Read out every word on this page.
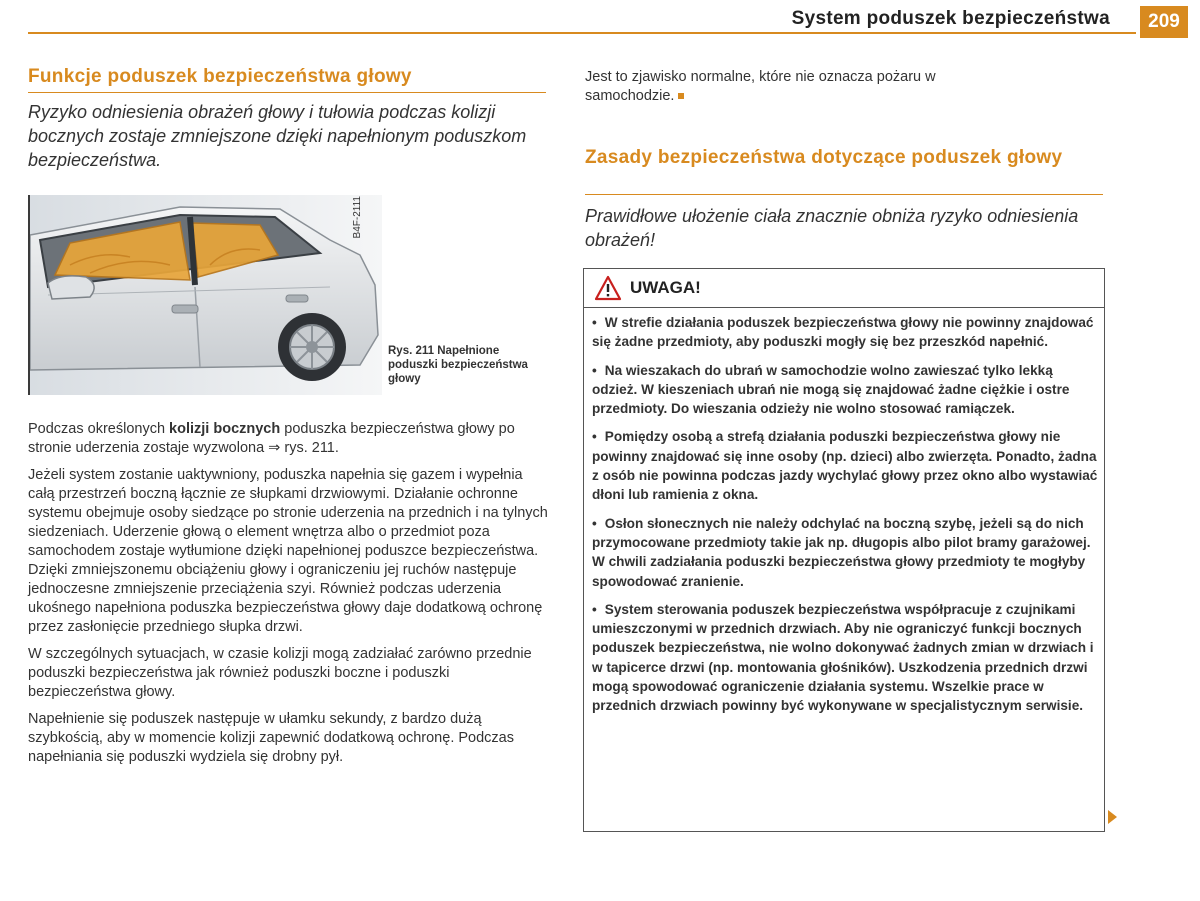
System poduszek bezpieczeństwa	209
Funkcje poduszek bezpieczeństwa głowy
Ryzyko odniesienia obrażeń głowy i tułowia podczas kolizji bocznych zostaje zmniejszone dzięki napełnionym poduszkom bezpieczeństwa.
B4F-2111
Rys. 211 Napełnione poduszki bezpieczeństwa głowy

Podczas określonych kolizji bocznych poduszka bezpieczeństwa głowy po stronie uderzenia zostaje wyzwolona ⇒ rys. 211.

Jeżeli system zostanie uaktywniony, poduszka napełnia się gazem i wypełnia całą przestrzeń boczną łącznie ze słupkami drzwiowymi. Działanie ochronne systemu obejmuje osoby siedzące po stronie uderzenia na przednich i na tylnych siedzeniach. Uderzenie głową o element wnętrza albo o przedmiot poza samochodem zostaje wytłumione dzięki napełnionej poduszce bezpieczeństwa. Dzięki zmniejszonemu obciążeniu głowy i ograniczeniu jej ruchów następuje jednoczesne zmniejszenie przeciążenia szyi. Również podczas uderzenia ukośnego napełniona poduszka bezpieczeństwa głowy daje dodatkową ochronę przez zasłonięcie przedniego słupka drzwi.

W szczególnych sytuacjach, w czasie kolizji mogą zadziałać zarówno przednie poduszki bezpieczeństwa jak również poduszki boczne i poduszki bezpieczeństwa głowy.

Napełnienie się poduszek następuje w ułamku sekundy, z bardzo dużą szybkością, aby w momencie kolizji zapewnić dodatkową ochronę. Podczas napełniania się poduszki wydziela się drobny pył.

Jest to zjawisko normalne, które nie oznacza pożaru w samochodzie.
Zasady bezpieczeństwa dotyczące poduszek głowy
Prawidłowe ułożenie ciała znacznie obniża ryzyko odniesienia obrażeń!
UWAGA!
• W strefie działania poduszek bezpieczeństwa głowy nie powinny znajdować się żadne przedmioty, aby poduszki mogły się bez przeszkód napełnić.
• Na wieszakach do ubrań w samochodzie wolno zawieszać tylko lekką odzież. W kieszeniach ubrań nie mogą się znajdować żadne ciężkie i ostre przedmioty. Do wieszania odzieży nie wolno stosować ramiączek.
• Pomiędzy osobą a strefą działania poduszki bezpieczeństwa głowy nie powinny znajdować się inne osoby (np. dzieci) albo zwierzęta. Ponadto, żadna z osób nie powinna podczas jazdy wychylać głowy przez okno albo wystawiać dłoni lub ramienia z okna.
• Osłon słonecznych nie należy odchylać na boczną szybę, jeżeli są do nich przymocowane przedmioty takie jak np. długopis albo pilot bramy garażowej. W chwili zadziałania poduszki bezpieczeństwa głowy przedmioty te mogłyby spowodować zranienie.
• System sterowania poduszek bezpieczeństwa współpracuje z czujnikami umieszczonymi w przednich drzwiach. Aby nie ograniczyć funkcji bocznych poduszek bezpieczeństwa, nie wolno dokonywać żadnych zmian w drzwiach i w tapicerce drzwi (np. montowania głośników). Uszkodzenia przednich drzwi mogą spowodować ograniczenie działania systemu. Wszelkie prace w przednich drzwiach powinny być wykonywane w specjalistycznym serwisie.
